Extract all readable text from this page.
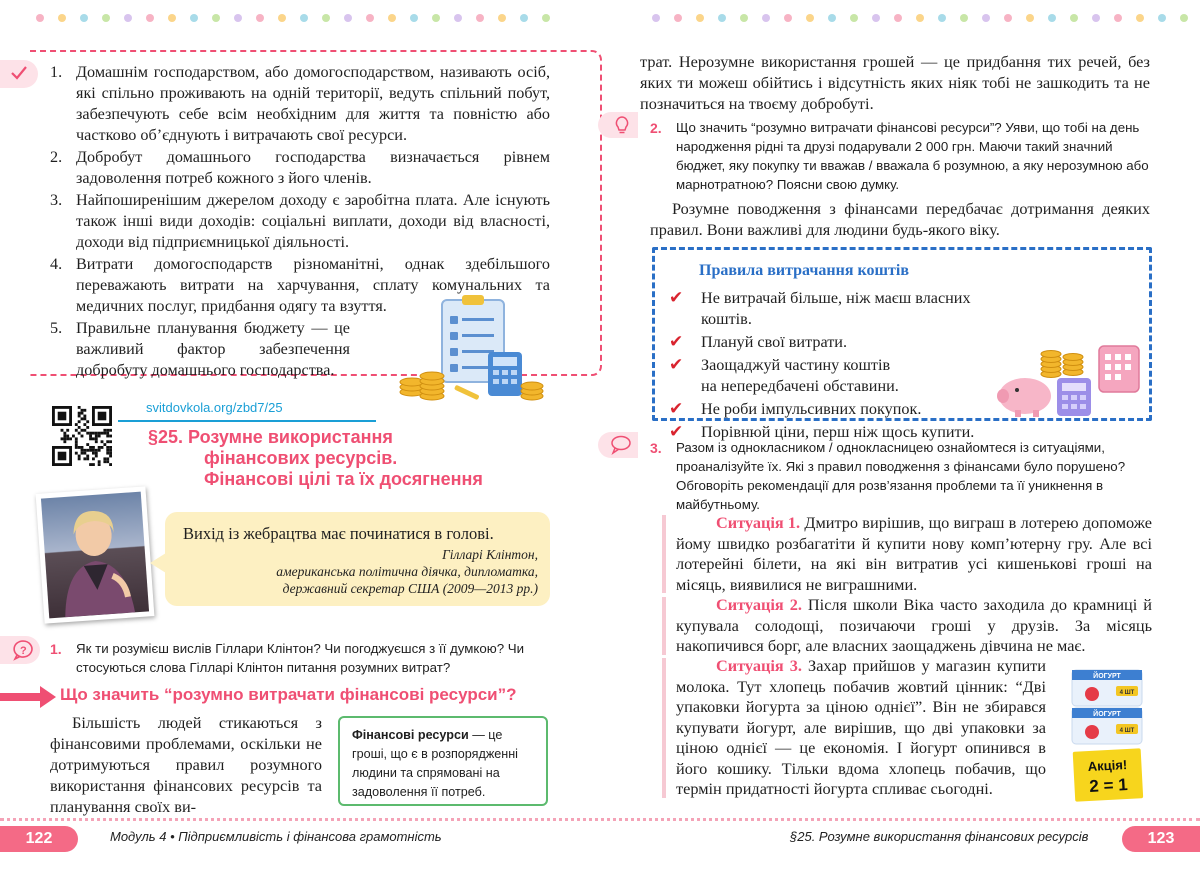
1. Домашнім господарством, або домогосподарством, називають осіб, які спільно проживають на одній території, ведуть спільний побут, забезпечують себе всім необхідним для життя та повністю або частково об’єднують і витрачають свої ресурси.
2. Добробут домашнього господарства визначається рівнем задоволення потреб кожного з його членів.
3. Найпоширенішим джерелом доходу є заробітна плата. Але існують також інші види доходів: соціальні виплати, доходи від власності, доходи від підприємницької діяльності.
4. Витрати домогосподарств різноманітні, однак здебільшого переважають витрати на харчування, сплату комунальних та медичних послуг, придбання одягу та взуття.
5. Правильне планування бюджету — це важливий фактор забезпечення добробуту домашнього господарства.
svitdovkola.org/zbd7/25
§25. Розумне використання
фінансових ресурсів.
Фінансові цілі та їх досягнення
Вихід із жебрацтва має починатися в голові.
Гілларі Клінтон,
американська політична діячка, дипломатка,
державний секретар США (2009—2013 рр.)
? 1. Як ти розумієш вислів Гіллари Клінтон? Чи погоджуєшся з її думкою? Чи стосуються слова Гілларі Клінтон питання розумних витрат?
Що значить “розумно витрачати фінансові ресурси”?
Більшість людей стикаються з фінансовими проблемами, оскільки не дотримуються правил розумного використання фінансових ресурсів та планування своїх ви-
Фінансові ресурси — це гроші, що є в розпорядженні людини та спрямовані на задоволення її потреб.
трат. Нерозумне використання грошей — це придбання тих речей, без яких ти можеш обійтись і відсутність яких ніяк тобі не зашкодить та не позначиться на твоєму добробуті.
2. Що значить “розумно витрачати фінансові ресурси”? Уяви, що тобі на день народження рідні та друзі подарували 2 000 грн. Маючи такий значний бюджет, яку покупку ти вважав / вважала б розумною, а яку нерозумною або марнотратною? Поясни свою думку.
Розумне поводження з фінансами передбачає дотримання деяких правил. Вони важливі для людини будь-якого віку.
Правила витрачання коштів
✔ Не витрачай більше, ніж маєш власних коштів.
✔ Плануй свої витрати.
✔ Заощаджуй частину коштів на непередбачені обставини.
✔ Не роби імпульсивних покупок.
✔ Порівнюй ціни, перш ніж щось купити.
3. Разом із однокласником / однокласницею ознайомтеся із ситуаціями, проаналізуйте їх. Які з правил поводження з фінансами було порушено? Обговоріть рекомендації для розв’язання проблеми та її уникнення в майбутньому.
Ситуація 1. Дмитро вирішив, що виграш в лотерею допоможе йому швидко розбагатіти й купити нову комп’ютерну гру. Але всі лотерейні білети, на які він витратив усі кишенькові гроші на місяць, виявилися не виграшними.
Ситуація 2. Після школи Віка часто заходила до крамниці й купувала солодощі, позичаючи гроші у друзів. За місяць накопичився борг, але власних заощаджень дівчина не має.
Ситуація 3. Захар прийшов у магазин купити молока. Тут хлопець побачив жовтий цінник: “Дві упаковки йогурта за ціною однієї”. Він не збирався купувати йогурт, але вирішив, що дві упаковки за ціною однієї — це економія. І йогурт опинився в його кошику. Тільки вдома хлопець побачив, що термін придатності йогурта спливає сьогодні.
ЙОГУРТ
4 ШТ
ЙОГУРТ
4 ШТ
Акція!
2 = 1
122	Модуль 4 • Підприємливість і фінансова грамотність	§25. Розумне використання фінансових ресурсів	123
